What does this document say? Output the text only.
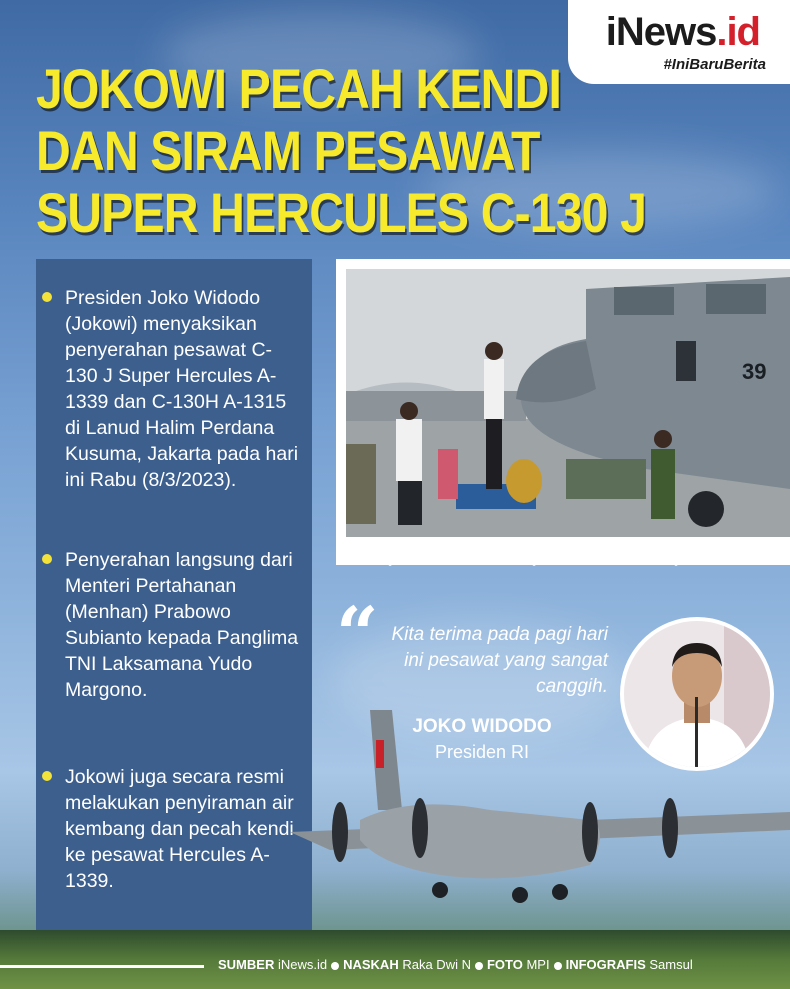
iNews.id
#IniBaruBerita
JOKOWI PECAH KENDI
DAN SIRAM PESAWAT
SUPER HERCULES C-130 J
Presiden Joko Widodo (Jokowi) menyaksikan penyerahan pesawat C-130 J Super Hercules A-1339 dan C-130H A-1315 di Lanud Halim Perdana Kusuma, Jakarta pada hari ini Rabu (8/3/2023).
Penyerahan langsung dari Menteri Pertahanan (Menhan) Prabowo Subianto kepada Panglima TNI Laksamana Yudo Margono.
Jokowi juga secara resmi melakukan penyiraman air kembang dan pecah kendi ke pesawat Hercules A-1339.
39
“ Kita terima pada pagi hari ini pesawat yang sangat canggih.
JOKO WIDODO
Presiden RI
SUMBER iNews.id NASKAH Raka Dwi N FOTO MPI INFOGRAFIS Samsul
